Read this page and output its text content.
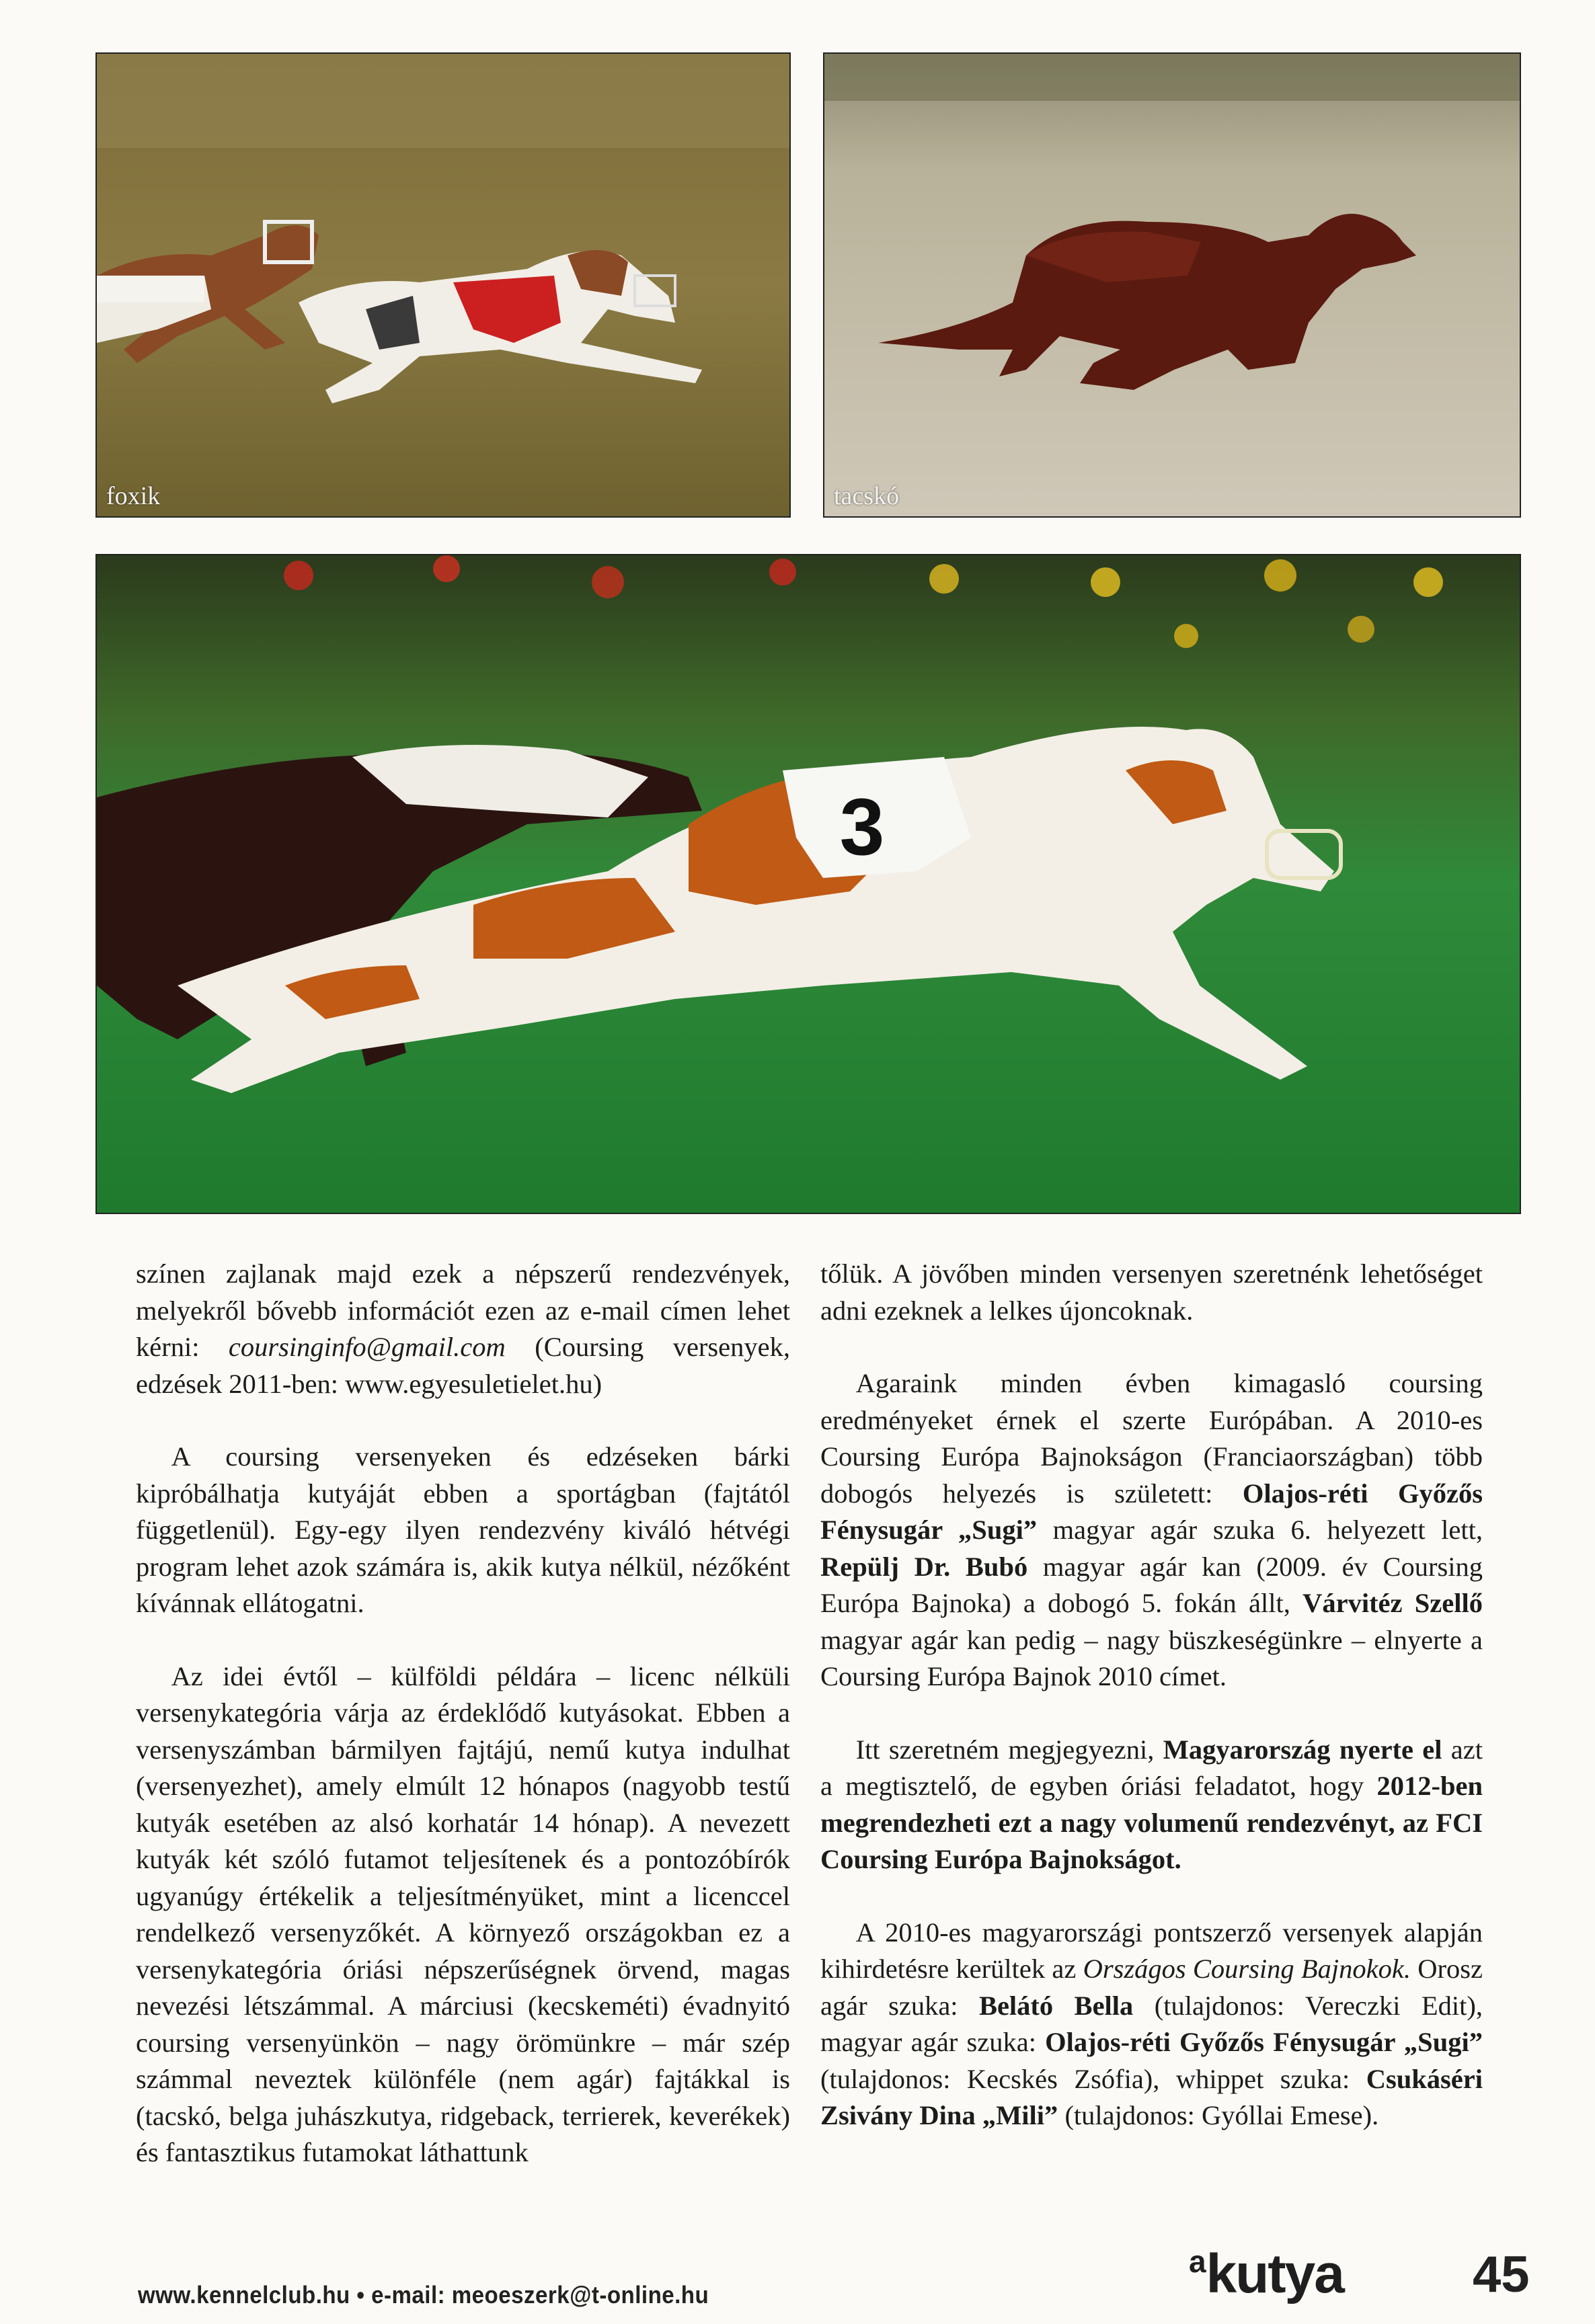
foxik	tacskó
3

színen zajlanak majd ezek a népszerű rendezvények, melyekről bővebb információt ezen az e-mail címen lehet kérni: coursinginfo@gmail.com (Coursing versenyek, edzések 2011-ben: www.egyesuletielet.hu)

A coursing versenyeken és edzéseken bárki kipróbálhatja kutyáját ebben a sportágban (fajtától függetlenül). Egy-egy ilyen rendezvény kiváló hétvégi program lehet azok számára is, akik kutya nélkül, nézőként kívánnak ellátogatni.

Az idei évtől – külföldi példára – licenc nélküli versenykategória várja az érdeklődő kutyásokat. Ebben a versenyszámban bármilyen fajtájú, nemű kutya indulhat (versenyezhet), amely elmúlt 12 hónapos (nagyobb testű kutyák esetében az alsó korhatár 14 hónap). A nevezett kutyák két szóló futamot teljesítenek és a pontozóbírók ugyanúgy értékelik a teljesítményüket, mint a licenccel rendelkező versenyzőkét. A környező országokban ez a versenykategória óriási népszerűségnek örvend, magas nevezési létszámmal. A márciusi (kecskeméti) évadnyitó coursing versenyünkön – nagy örömünkre – már szép számmal neveztek különféle (nem agár) fajtákkal is (tacskó, belga juhászkutya, ridgeback, terrierek, keverékek) és fantasztikus futamokat láthattunk

tőlük. A jövőben minden versenyen szeretnénk lehetőséget adni ezeknek a lelkes újoncoknak.

Agaraink minden évben kimagasló coursing eredményeket érnek el szerte Európában. A 2010-es Coursing Európa Bajnokságon (Franciaországban) több dobogós helyezés is született: Olajos-réti Győzős Fénysugár „Sugi” magyar agár szuka 6. helyezett lett, Repülj Dr. Bubó magyar agár kan (2009. év Coursing Európa Bajnoka) a dobogó 5. fokán állt, Várvitéz Szellő magyar agár kan pedig – nagy büszkeségünkre – elnyerte a Coursing Európa Bajnok 2010 címet.

Itt szeretném megjegyezni, Magyarország nyerte el azt a megtisztelő, de egyben óriási feladatot, hogy 2012-ben megrendezheti ezt a nagy volumenű rendezvényt, az FCI Coursing Európa Bajnokságot.

A 2010-es magyarországi pontszerző versenyek alapján kihirdetésre kerültek az Országos Coursing Bajnokok. Orosz agár szuka: Belátó Bella (tulajdonos: Vereczki Edit), magyar agár szuka: Olajos-réti Győzős Fénysugár „Sugi” (tulajdonos: Kecskés Zsófia), whippet szuka: Csukáséri Zsivány Dina „Mili” (tulajdonos: Gyóllai Emese).

www.kennelclub.hu • e-mail: meoeszerk@t-online.hu
akutya	45
